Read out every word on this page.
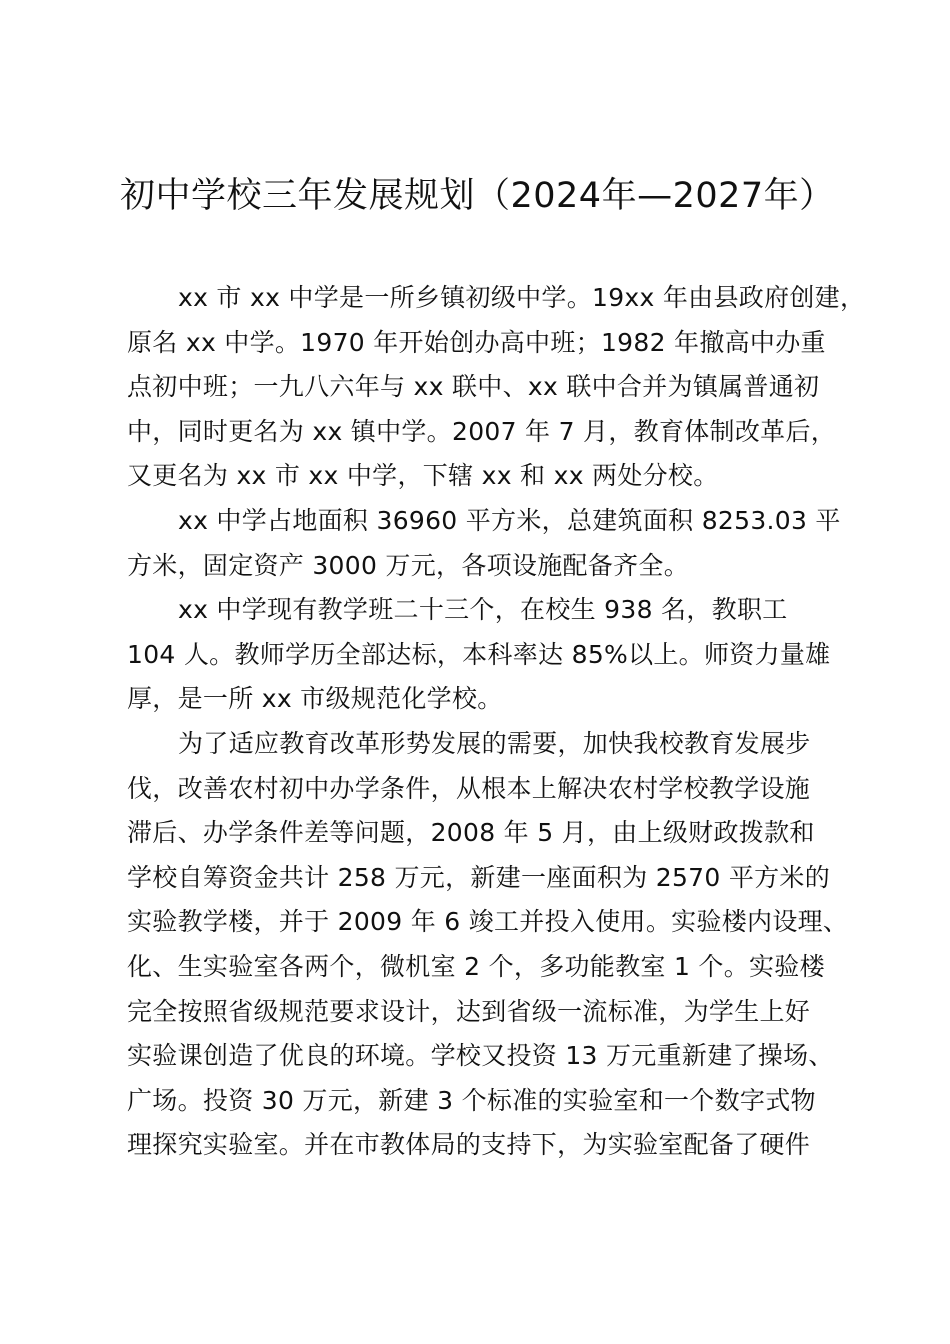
初中学校三年发展规划（2024年—2027年）
xx 市 xx 中学是一所乡镇初级中学。19xx 年由县政府创建，
原名 xx 中学。1970 年开始创办高中班；1982 年撤高中办重
点初中班；一九八六年与 xx 联中、xx 联中合并为镇属普通初
中，同时更名为 xx 镇中学。2007 年 7 月，教育体制改革后，
又更名为 xx 市 xx 中学，下辖 xx 和 xx 两处分校。
xx 中学占地面积 36960 平方米，总建筑面积 8253.03 平
方米，固定资产 3000 万元，各项设施配备齐全。
xx 中学现有教学班二十三个，在校生 938 名，教职工
104 人。教师学历全部达标，本科率达 85%以上。师资力量雄
厚，是一所 xx 市级规范化学校。
为了适应教育改革形势发展的需要，加快我校教育发展步
伐，改善农村初中办学条件，从根本上解决农村学校教学设施
滞后、办学条件差等问题，2008 年 5 月，由上级财政拨款和
学校自筹资金共计 258 万元，新建一座面积为 2570 平方米的
实验教学楼，并于 2009 年 6 竣工并投入使用。实验楼内设理、
化、生实验室各两个，微机室 2 个，多功能教室 1 个。实验楼
完全按照省级规范要求设计，达到省级一流标准，为学生上好
实验课创造了优良的环境。学校又投资 13 万元重新建了操场、
广场。投资 30 万元，新建 3 个标准的实验室和一个数字式物
理探究实验室。并在市教体局的支持下，为实验室配备了硬件
